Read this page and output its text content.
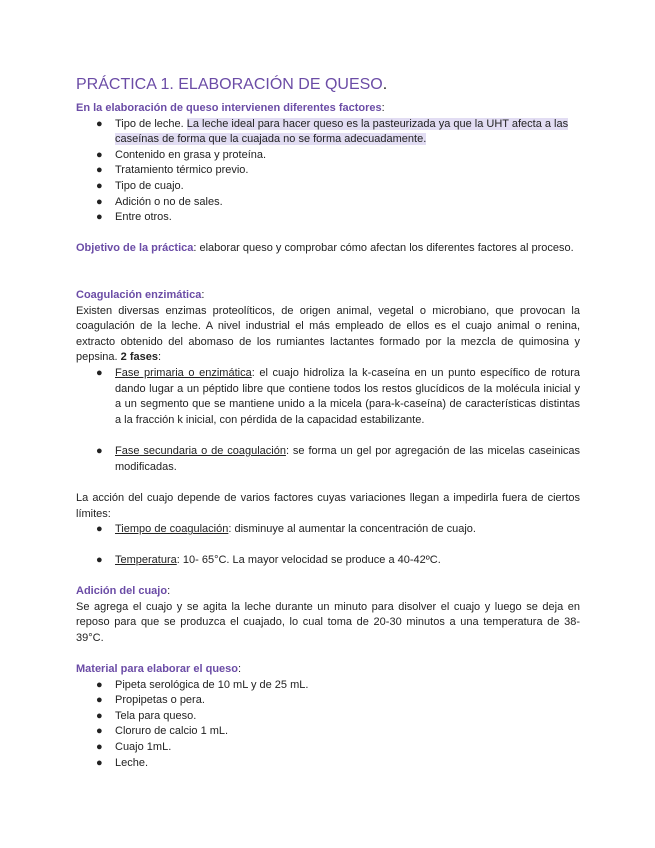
PRÁCTICA 1. ELABORACIÓN DE QUESO.
En la elaboración de queso intervienen diferentes factores:
● Tipo de leche. La leche ideal para hacer queso es la pasteurizada ya que la UHT afecta a las caseínas de forma que la cuajada no se forma adecuadamente.
● Contenido en grasa y proteína.
● Tratamiento térmico previo.
● Tipo de cuajo.
● Adición o no de sales.
● Entre otros.
Objetivo de la práctica: elaborar queso y comprobar cómo afectan los diferentes factores al proceso.
Coagulación enzimática:
Existen diversas enzimas proteolíticos, de origen animal, vegetal o microbiano, que provocan la coagulación de la leche. A nivel industrial el más empleado de ellos es el cuajo animal o renina, extracto obtenido del abomaso de los rumiantes lactantes formado por la mezcla de quimosina y pepsina. 2 fases:
● Fase primaria o enzimática: el cuajo hidroliza la k-caseína en un punto específico de rotura dando lugar a un péptido libre que contiene todos los restos glucídicos de la molécula inicial y a un segmento que se mantiene unido a la micela (para-k-caseína) de características distintas a la fracción k inicial, con pérdida de la capacidad estabilizante.
● Fase secundaria o de coagulación: se forma un gel por agregación de las micelas caseinicas modificadas.
La acción del cuajo depende de varios factores cuyas variaciones llegan a impedirla fuera de ciertos límites:
● Tiempo de coagulación: disminuye al aumentar la concentración de cuajo.
● Temperatura: 10- 65°C. La mayor velocidad se produce a 40-42ºC.
Adición del cuajo:
Se agrega el cuajo y se agita la leche durante un minuto para disolver el cuajo y luego se deja en reposo para que se produzca el cuajado, lo cual toma de 20-30 minutos a una temperatura de 38-39°C.
Material para elaborar el queso:
● Pipeta serológica de 10 mL y de 25 mL.
● Propipetas o pera.
● Tela para queso.
● Cloruro de calcio 1 mL.
● Cuajo 1mL.
● Leche.
